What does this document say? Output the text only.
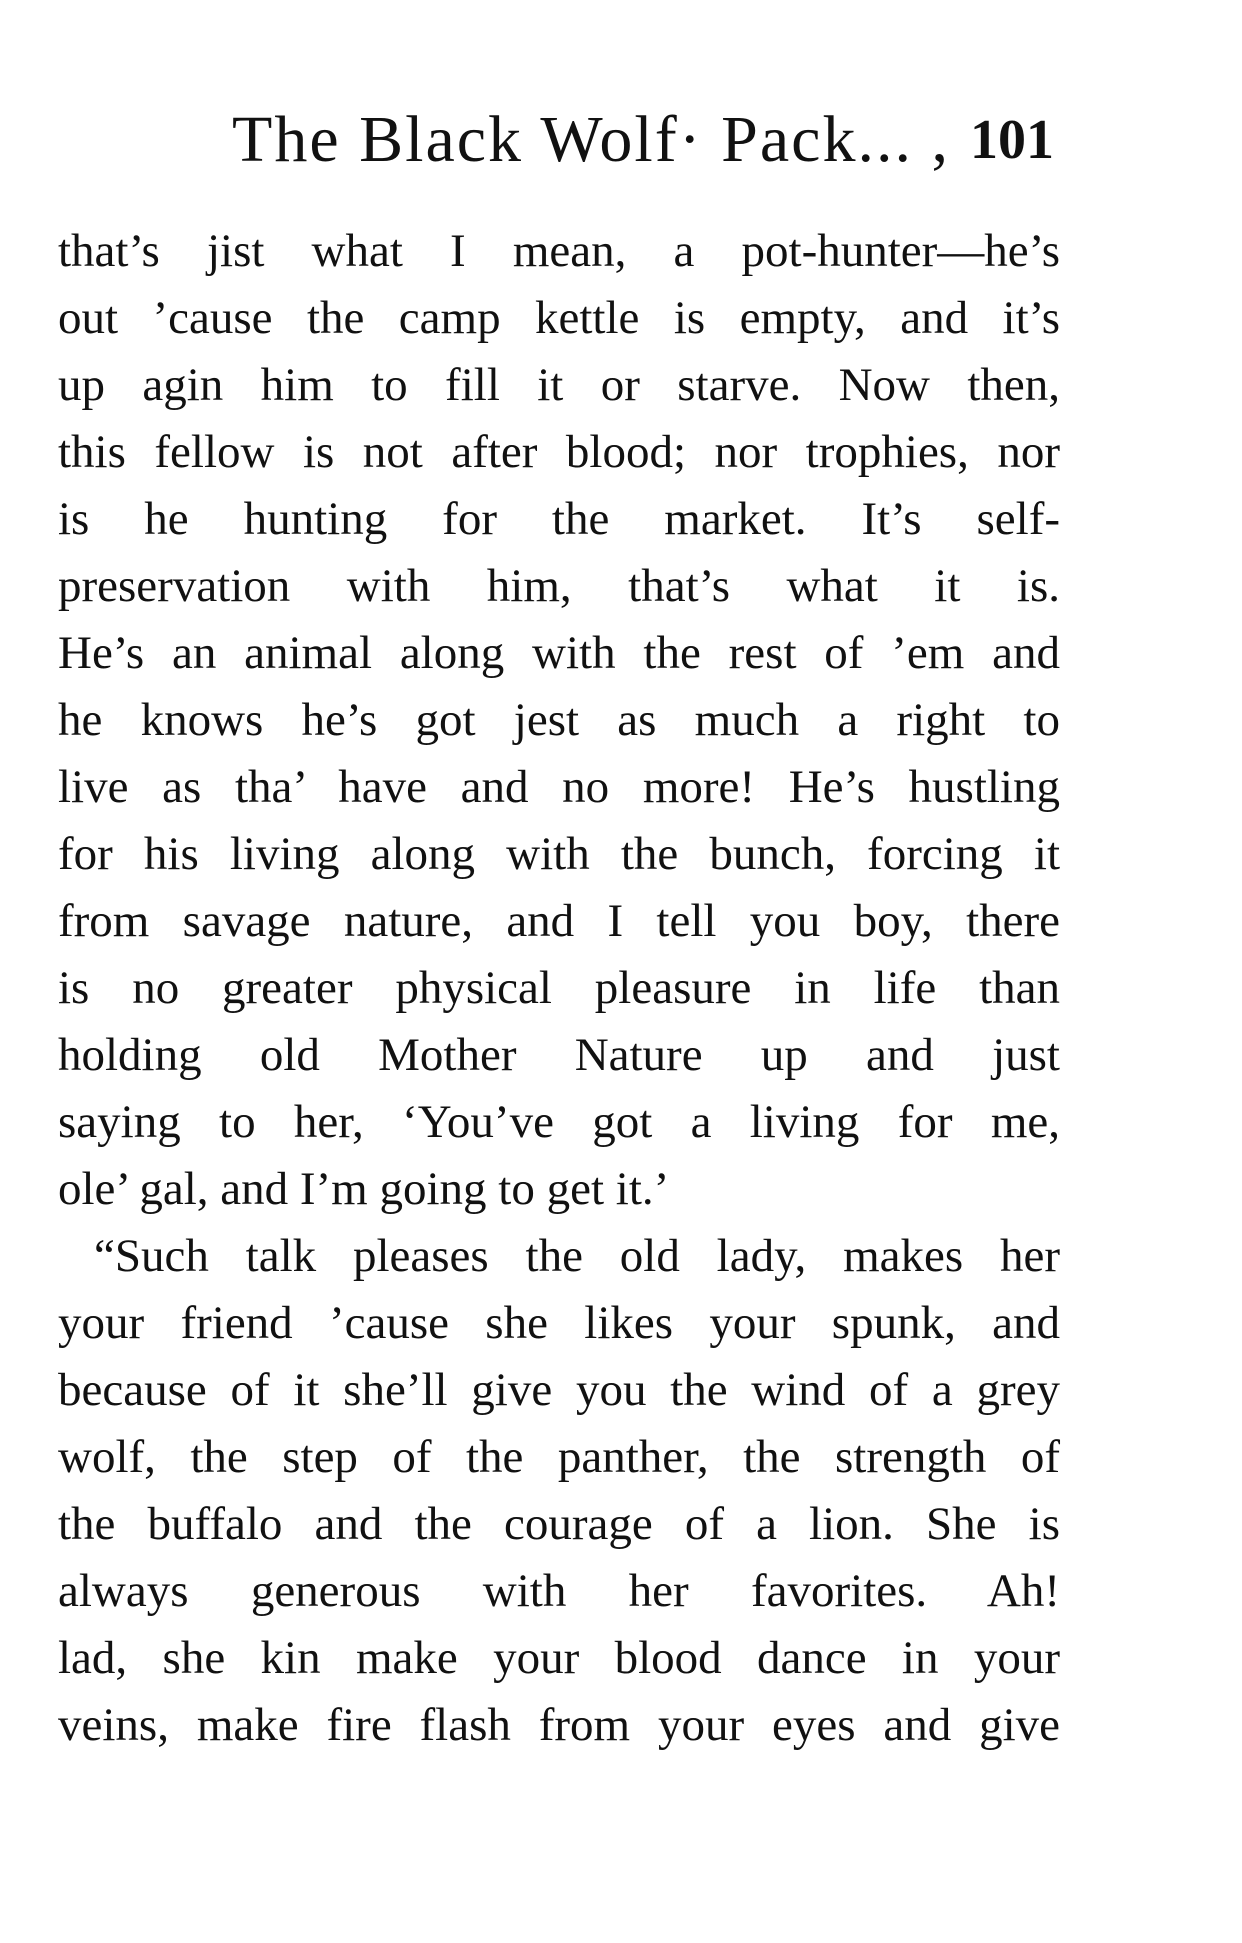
The Black Wolf· Pack... , 101
that’s jist what I mean, a pot-hunter—he’s
out ’cause the camp kettle is empty, and it’s
up agin him to fill it or starve. Now then,
this fellow is not after blood; nor trophies, nor
is he hunting for the market. It’s self-
preservation with him, that’s what it is.
He’s an animal along with the rest of ’em and
he knows he’s got jest as much a right to
live as tha’ have and no more! He’s hustling
for his living along with the bunch, forcing it
from savage nature, and I tell you boy, there
is no greater physical pleasure in life than
holding old Mother Nature up and just
saying to her, ‘You’ve got a living for me,
ole’ gal, and I’m going to get it.’
“Such talk pleases the old lady, makes her
your friend ’cause she likes your spunk, and
because of it she’ll give you the wind of a grey
wolf, the step of the panther, the strength of
the buffalo and the courage of a lion. She is
always generous with her favorites. Ah!
lad, she kin make your blood dance in your
veins, make fire flash from your eyes and give
